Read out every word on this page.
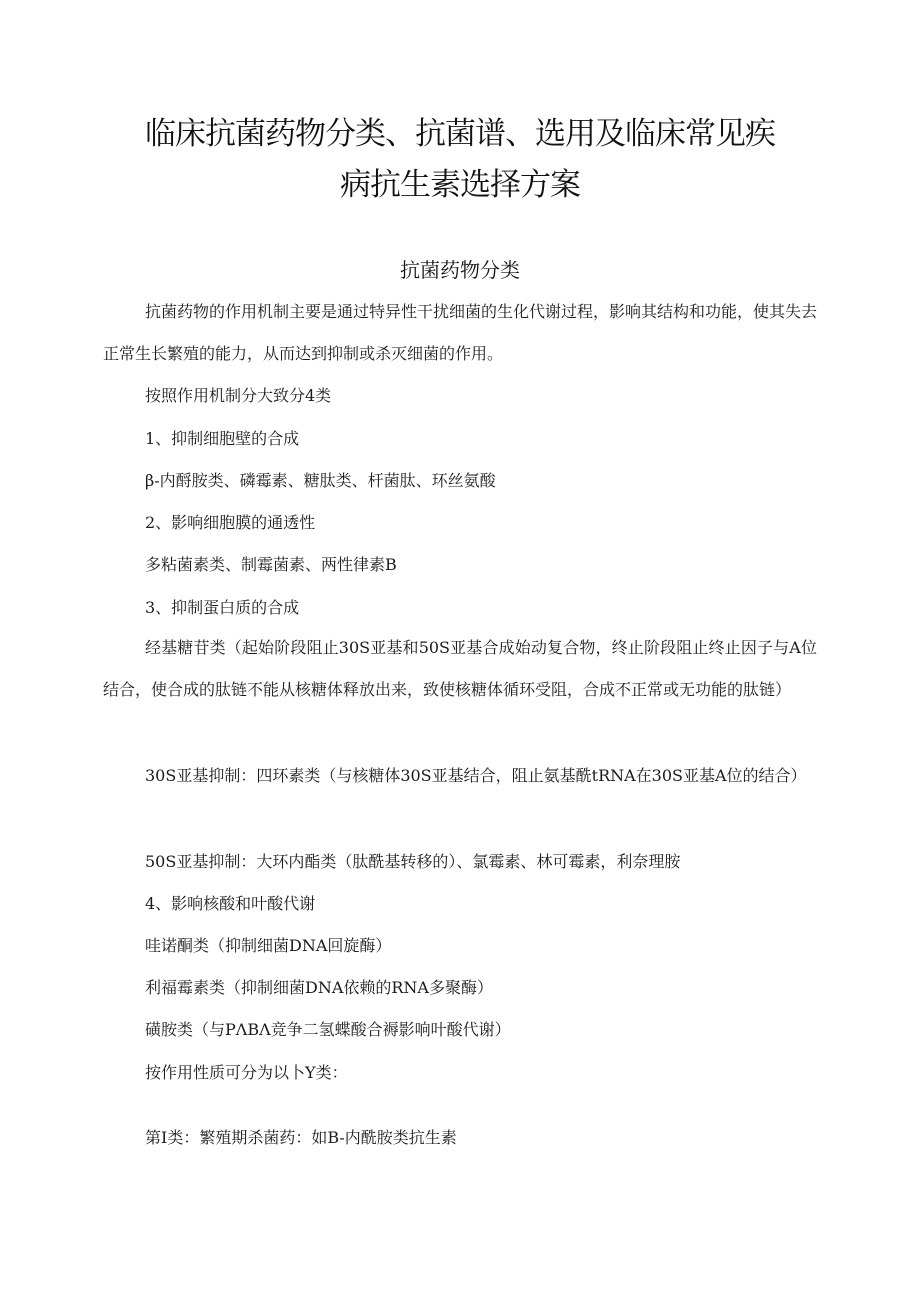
临床抗菌药物分类、抗菌谱、选用及临床常见疾
病抗生素选择方案
抗菌药物分类

抗菌药物的作用机制主要是通过特异性干扰细菌的生化代谢过程，影响其结构和功能，使其失去正常生长繁殖的能力，从而达到抑制或杀灭细菌的作用。

按照作用机制分大致分4类
1、抑制细胞壁的合成
β-内酹胺类、磷霉素、糖肽类、杆菌肽、环丝氨酸
2、影响细胞膜的通透性
多粘菌素类、制霉菌素、两性律素B
3、抑制蛋白质的合成

经基糖苷类（起始阶段阻止30S亚基和50S亚基合成始动复合物，终止阶段阻止终止因子与A位结合，使合成的肽链不能从核糖体释放出来，致使核糖体循环受阻，合成不正常或无功能的肽链）

30S亚基抑制：四环素类（与核糖体30S亚基结合，阻止氨基酰tRNA在30S亚基A位的结合）

50S亚基抑制：大环内酯类（肽酰基转移的）、氯霉素、林可霉素，利奈理胺
4、影响核酸和叶酸代谢
哇诺酮类（抑制细菌DNA回旋酶）
利福霉素类（抑制细菌DNA依赖的RNA多聚酶）
磺胺类（与PΛBΛ竞争二氢蝶酸合褥影响叶酸代谢）
按作用性质可分为以卜Y类：
第I类：繁殖期杀菌药：如B-内酰胺类抗生素
